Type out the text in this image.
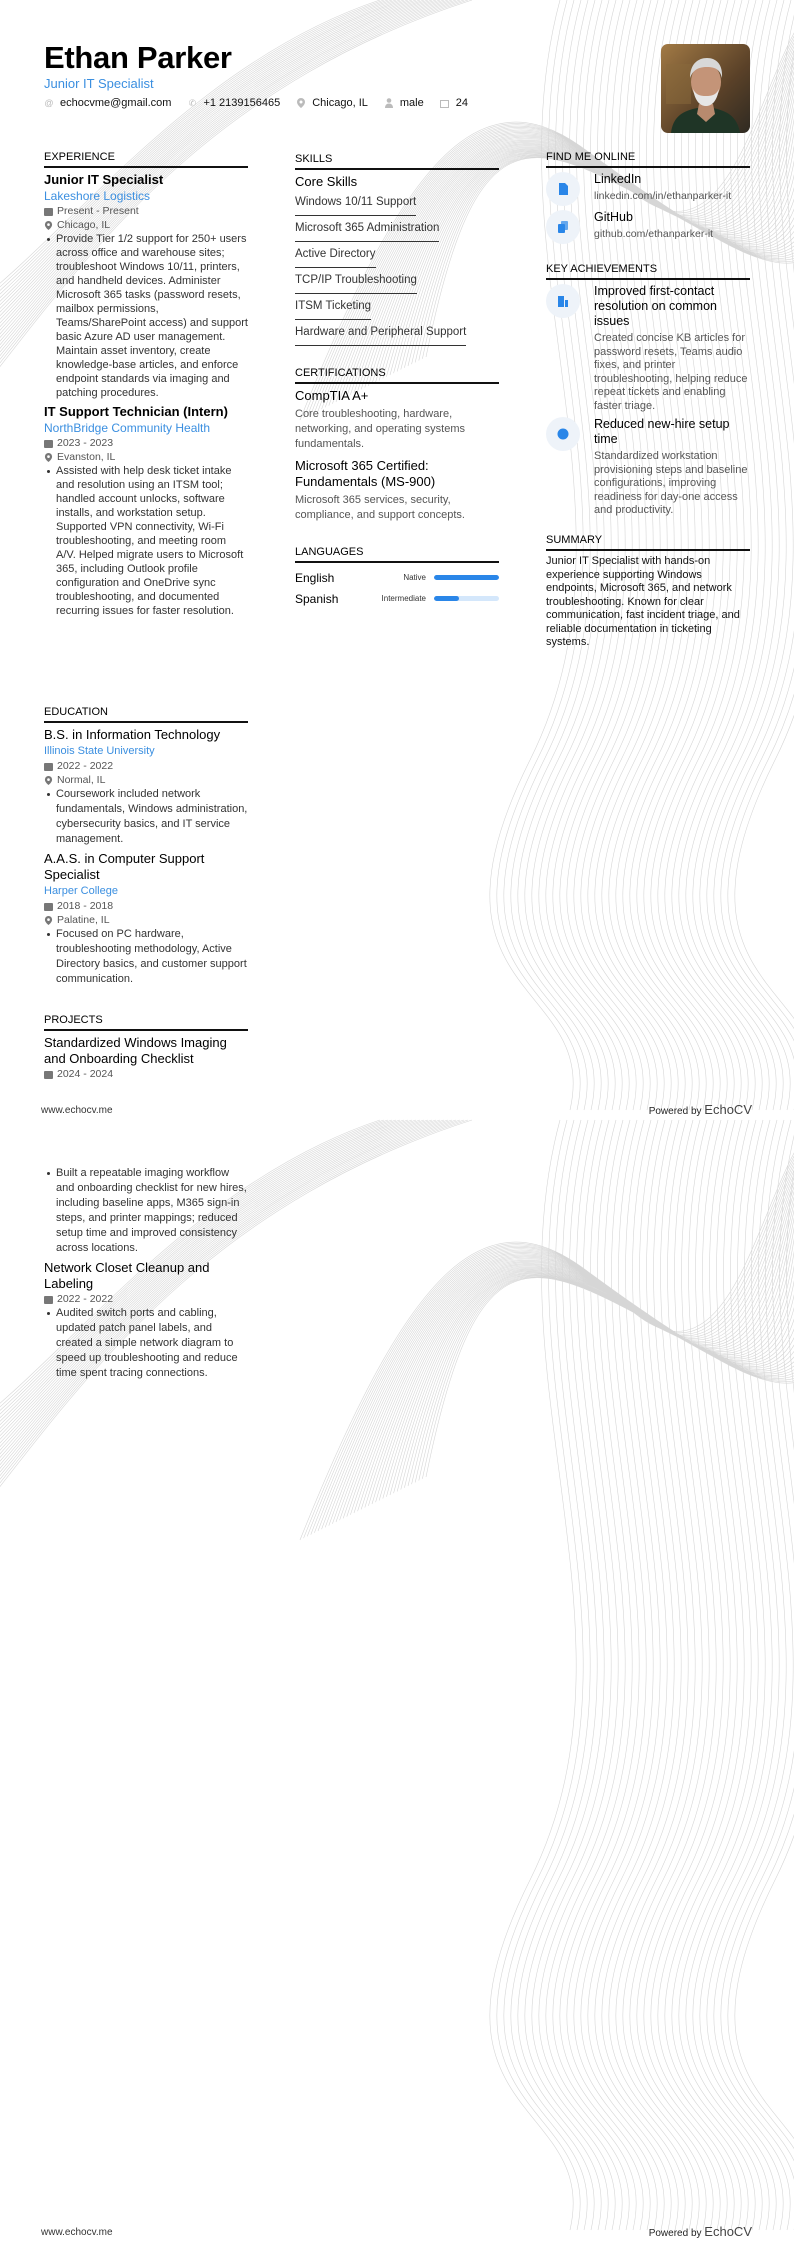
Ethan Parker
Junior IT Specialist
@ echocvme@gmail.com ✆ +1 2139156465	Chicago, IL	male	24
EXPERIENCE
Junior IT Specialist
Lakeshore Logistics
Present - Present
Chicago, IL
Provide Tier 1/2 support for 250+ users across office and warehouse sites; troubleshoot Windows 10/11, printers, and handheld devices. Administer Microsoft 365 tasks (password resets, mailbox permissions, Teams/SharePoint access) and support basic Azure AD user management. Maintain asset inventory, create knowledge-base articles, and enforce endpoint standards via imaging and patching procedures.
IT Support Technician (Intern)
NorthBridge Community Health
2023 - 2023
Evanston, IL
Assisted with help desk ticket intake and resolution using an ITSM tool; handled account unlocks, software installs, and workstation setup. Supported VPN connectivity, Wi-Fi troubleshooting, and meeting room A/V. Helped migrate users to Microsoft 365, including Outlook profile configuration and OneDrive sync troubleshooting, and documented recurring issues for faster resolution.
EDUCATION
B.S. in Information Technology
Illinois State University
2022 - 2022
Normal, IL
Coursework included network fundamentals, Windows administration, cybersecurity basics, and IT service management.
A.A.S. in Computer Support Specialist
Harper College
2018 - 2018
Palatine, IL
Focused on PC hardware, troubleshooting methodology, Active Directory basics, and customer support communication.
PROJECTS
Standardized Windows Imaging and Onboarding Checklist
2024 - 2024
www.echocv.me	Powered by EchoCV
Built a repeatable imaging workflow and onboarding checklist for new hires, including baseline apps, M365 sign-in steps, and printer mappings; reduced setup time and improved consistency across locations.
Network Closet Cleanup and Labeling
2022 - 2022
Audited switch ports and cabling, updated patch panel labels, and created a simple network diagram to speed up troubleshooting and reduce time spent tracing connections.
www.echocv.me	Powered by EchoCV
SKILLS
Core Skills
Windows 10/11 Support
Microsoft 365 Administration
Active Directory
TCP/IP Troubleshooting
ITSM Ticketing
Hardware and Peripheral Support
CERTIFICATIONS
CompTIA A+
Core troubleshooting, hardware, networking, and operating systems fundamentals.
Microsoft 365 Certified: Fundamentals (MS-900)
Microsoft 365 services, security, compliance, and support concepts.
LANGUAGES
English	Native
Spanish	Intermediate
FIND ME ONLINE
LinkedIn
linkedin.com/in/ethanparker-it
GitHub
github.com/ethanparker-it
KEY ACHIEVEMENTS
Improved first-contact resolution on common issues
Created concise KB articles for password resets, Teams audio fixes, and printer troubleshooting, helping reduce repeat tickets and enabling faster triage.
Reduced new-hire setup time
Standardized workstation provisioning steps and baseline configurations, improving readiness for day-one access and productivity.
SUMMARY
Junior IT Specialist with hands-on experience supporting Windows endpoints, Microsoft 365, and network troubleshooting. Known for clear communication, fast incident triage, and reliable documentation in ticketing systems.
